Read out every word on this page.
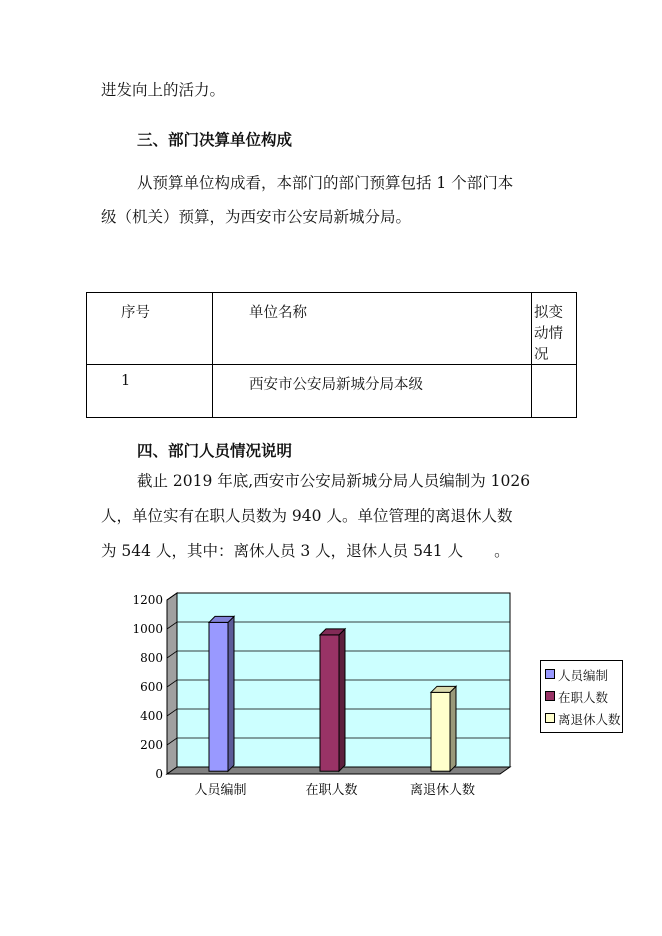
进发向上的活力。
三、部门决算单位构成
从预算单位构成看，本部门的部门预算包括 1 个部门本
级（机关）预算，为西安市公安局新城分局。
序号	单位名称	拟变动情况
1	西安市公安局新城分局本级	
四、部门人员情况说明
截止 2019 年底,西安市公安局新城分局人员编制为 1026
人，单位实有在职人员数为 940 人。单位管理的离退休人数
为 544 人，其中：离休人员 3 人，退休人员 541 人　　。
0
200
400
600
800
1000
1200
人员编制	在职人数	离退休人数
人员编制
在职人数
离退休人数
